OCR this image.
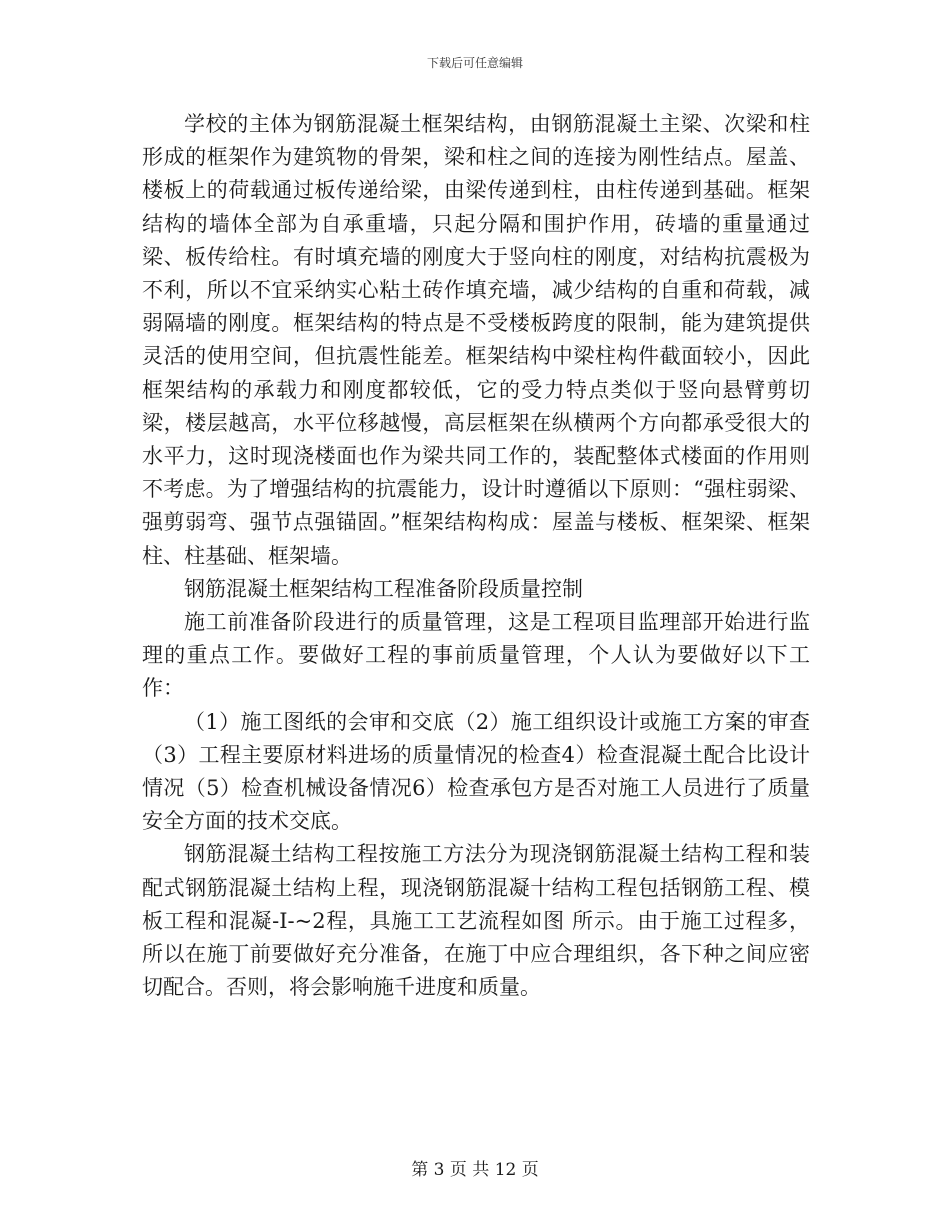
下载后可任意编辑

学校的主体为钢筋混凝土框架结构，由钢筋混凝土主梁、次梁和柱形成的框架作为建筑物的骨架，梁和柱之间的连接为刚性结点。屋盖、楼板上的荷载通过板传递给梁，由梁传递到柱，由柱传递到基础。框架结构的墙体全部为自承重墙，只起分隔和围护作用，砖墙的重量通过梁、板传给柱。有时填充墙的刚度大于竖向柱的刚度，对结构抗震极为不利，所以不宜采纳实心粘土砖作填充墙，减少结构的自重和荷载，减弱隔墙的刚度。框架结构的特点是不受楼板跨度的限制，能为建筑提供灵活的使用空间，但抗震性能差。框架结构中梁柱构件截面较小，因此框架结构的承载力和刚度都较低，它的受力特点类似于竖向悬臂剪切梁，楼层越高，水平位移越慢，高层框架在纵横两个方向都承受很大的水平力，这时现浇楼面也作为梁共同工作的，装配整体式楼面的作用则不考虑。为了增强结构的抗震能力，设计时遵循以下原则：“强柱弱梁、强剪弱弯、强节点强锚固。”框架结构构成：屋盖与楼板、框架梁、框架柱、柱基础、框架墙。

钢筋混凝土框架结构工程准备阶段质量控制

施工前准备阶段进行的质量管理，这是工程项目监理部开始进行监理的重点工作。要做好工程的事前质量管理，个人认为要做好以下工作：

（1）施工图纸的会审和交底（2）施工组织设计或施工方案的审查（3）工程主要原材料进场的质量情况的检查4）检查混凝土配合比设计情况（5）检查机械设备情况6）检查承包方是否对施工人员进行了质量安全方面的技术交底。

钢筋混凝土结构工程按施工方法分为现浇钢筋混凝土结构工程和装配式钢筋混凝土结构上程，现浇钢筋混凝十结构工程包括钢筋工程、模板工程和混凝-I-~2程，具施工工艺流程如图 所示。由于施工过程多，所以在施丁前要做好充分准备，在施丁中应合理组织，各下种之间应密切配合。否则，将会影响施千进度和质量。

第 3 页 共 12 页
